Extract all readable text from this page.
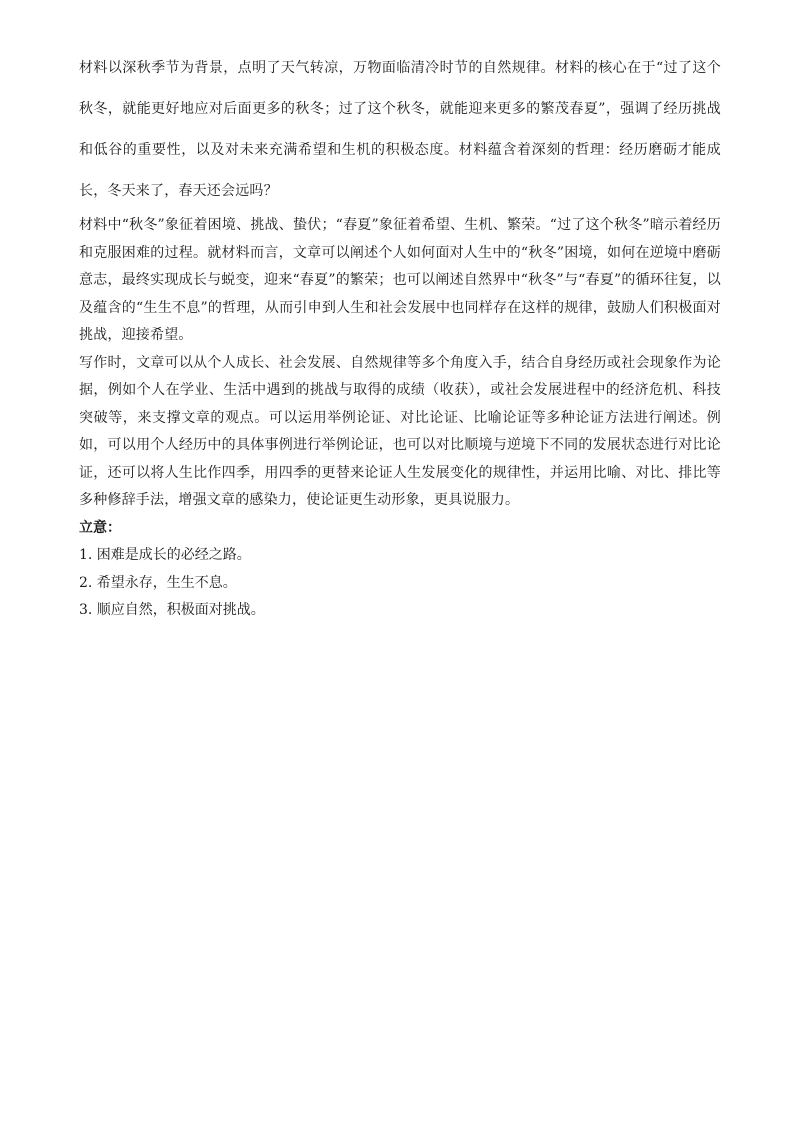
材料以深秋季节为背景，点明了天气转凉，万物面临清冷时节的自然规律。材料的核心在于“过了这个秋冬，就能更好地应对后面更多的秋冬；过了这个秋冬，就能迎来更多的繁茂春夏”，强调了经历挑战和低谷的重要性，以及对未来充满希望和生机的积极态度。材料蕴含着深刻的哲理：经历磨砺才能成长，冬天来了，春天还会远吗？

材料中“秋冬”象征着困境、挑战、蛰伏；“春夏”象征着希望、生机、繁荣。“过了这个秋冬”暗示着经历和克服困难的过程。就材料而言，文章可以阐述个人如何面对人生中的“秋冬”困境，如何在逆境中磨砺意志，最终实现成长与蜕变，迎来“春夏”的繁荣；也可以阐述自然界中“秋冬”与“春夏”的循环往复，以及蕴含的“生生不息”的哲理，从而引申到人生和社会发展中也同样存在这样的规律，鼓励人们积极面对挑战，迎接希望。

写作时，文章可以从个人成长、社会发展、自然规律等多个角度入手，结合自身经历或社会现象作为论据，例如个人在学业、生活中遇到的挑战与取得的成绩（收获），或社会发展进程中的经济危机、科技突破等，来支撑文章的观点。可以运用举例论证、对比论证、比喻论证等多种论证方法进行阐述。例如，可以用个人经历中的具体事例进行举例论证，也可以对比顺境与逆境下不同的发展状态进行对比论证，还可以将人生比作四季，用四季的更替来论证人生发展变化的规律性，并运用比喻、对比、排比等多种修辞手法，增强文章的感染力，使论证更生动形象，更具说服力。

立意：

1. 困难是成长的必经之路。
2. 希望永存，生生不息。
3. 顺应自然，积极面对挑战。
